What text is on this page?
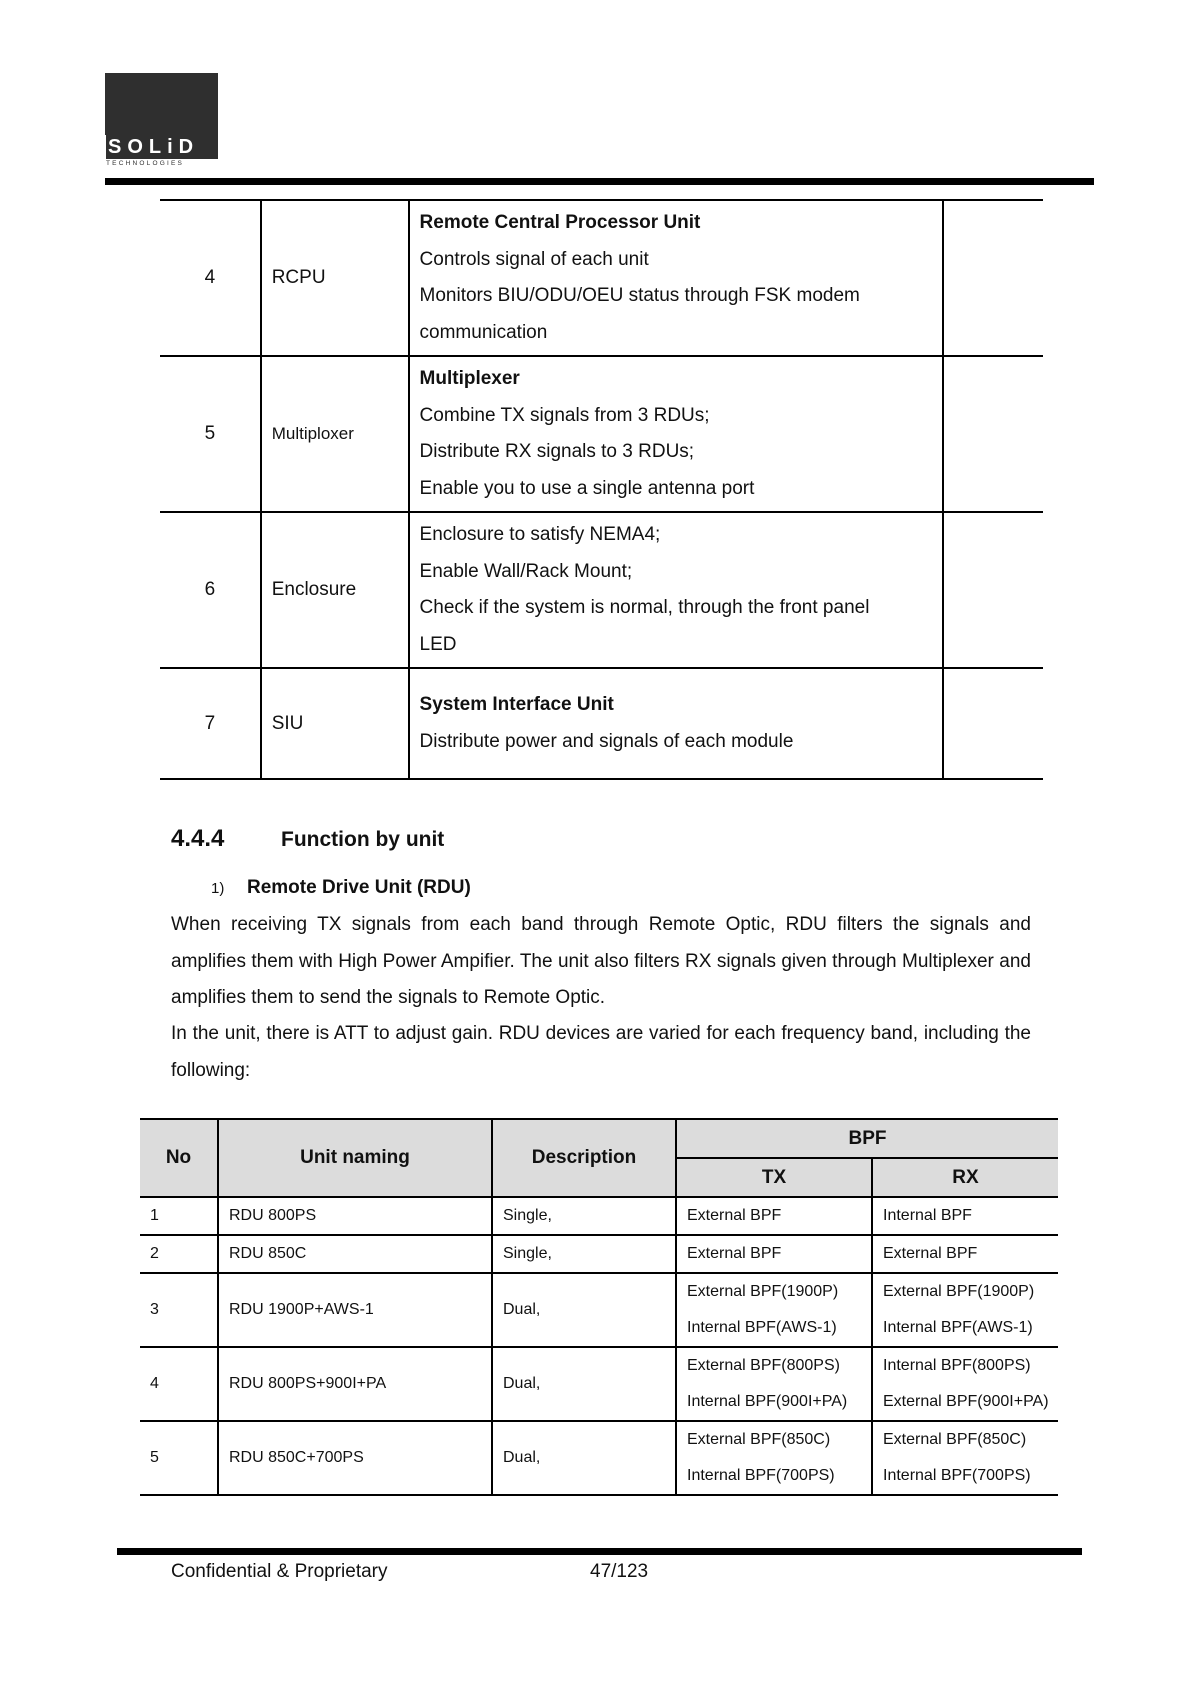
SOLiD
TECHNOLOGIES
4	RCPU	Remote Central Processor Unit
Controls signal of each unit
Monitors BIU/ODU/OEU status through FSK modem
communication	

5	Multiploxer	Multiplexer
Combine TX signals from 3 RDUs;
Distribute RX signals to 3 RDUs;
Enable you to use a single antenna port	

6	Enclosure	Enclosure to satisfy NEMA4;
Enable Wall/Rack Mount;
Check if the system is normal, through the front panel
LED	

7	SIU	System Interface Unit
Distribute power and signals of each module	

4.4.4	Function by unit
1) Remote Drive Unit (RDU)
When receiving TX signals from each band through Remote Optic, RDU filters the signals and amplifies them with High Power Ampifier. The unit also filters RX signals given through Multiplexer and amplifies them to send the signals to Remote Optic.
In the unit, there is ATT to adjust gain. RDU devices are varied for each frequency band, including the following:
No	Unit naming	Description	BPF	
			TX	RX
1	RDU 800PS	Single,	External BPF	Internal BPF
2	RDU 850C	Single,	External BPF	External BPF
3	RDU 1900P+AWS-1	Dual,	External BPF(1900P)	External BPF(1900P)
			Internal BPF(AWS-1)	Internal BPF(AWS-1)
4	RDU 800PS+900I+PA	Dual,	External BPF(800PS)	Internal BPF(800PS)
			Internal BPF(900I+PA)	External BPF(900I+PA)
5	RDU 850C+700PS	Dual,	External BPF(850C)	External BPF(850C)
			Internal BPF(700PS)	Internal BPF(700PS)
Confidential & Proprietary	47/123
